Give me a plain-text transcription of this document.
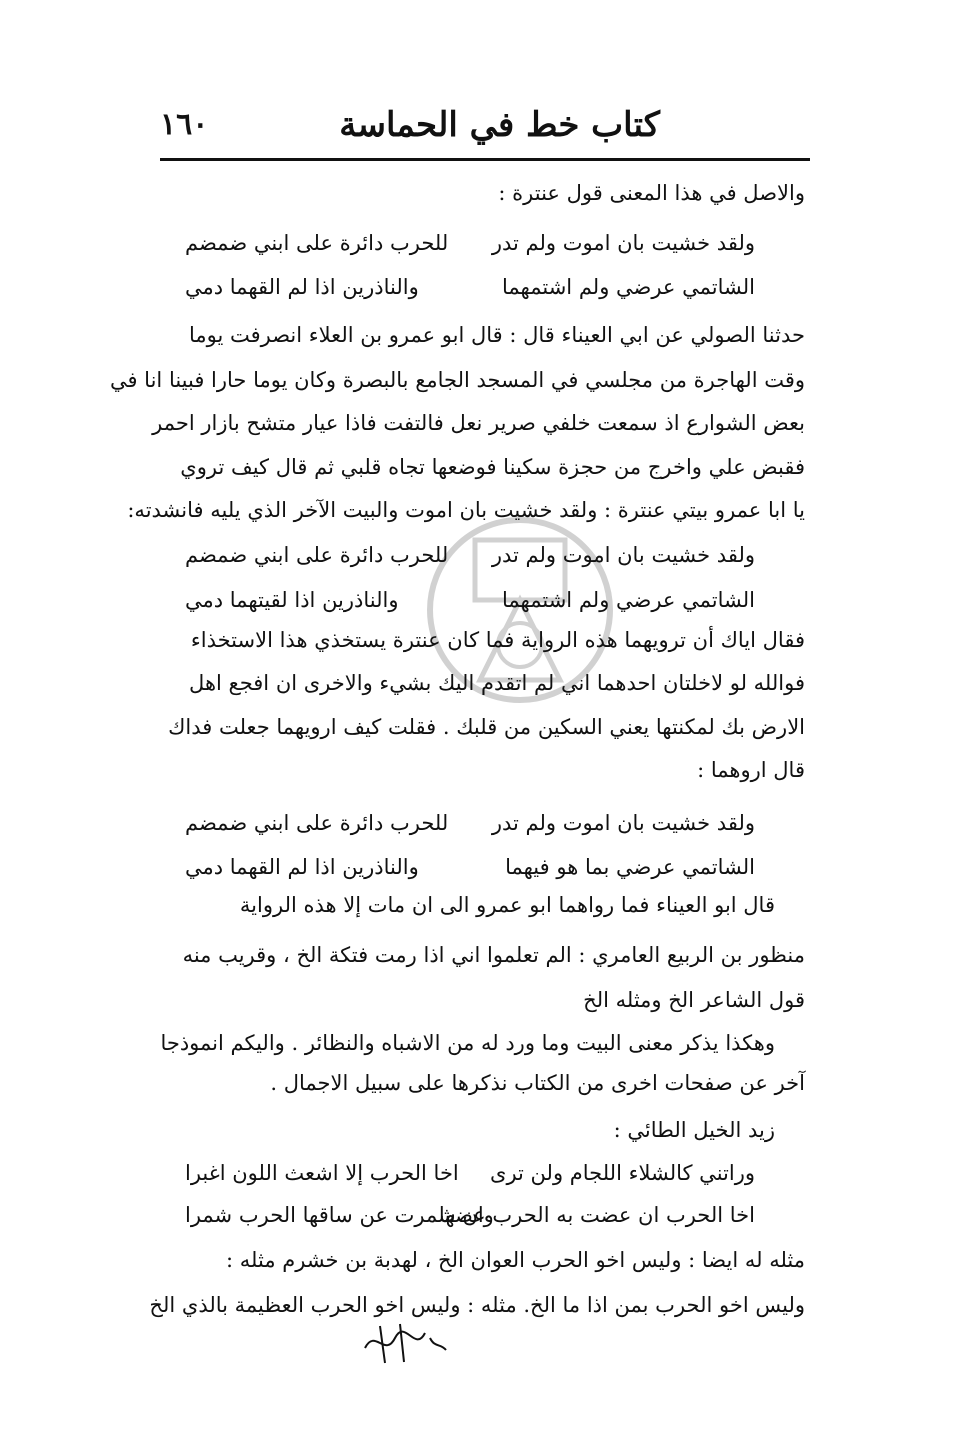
كتاب خط في الحماسة
١٦٠
والاصل في هذا المعنى قول عنترة :
ولقد خشيت بان اموت ولم تدر
للحرب دائرة على ابني ضمضم
الشاتمي عرضي ولم اشتمهما
والناذرين اذا لم القهما دمي
حدثنا الصولي عن ابي العيناء قال : قال ابو عمرو بن العلاء انصرفت يوما
وقت الهاجرة من مجلسي في المسجد الجامع بالبصرة وكان يوما حارا فبينا انا في
بعض الشوارع اذ سمعت خلفي صرير نعل فالتفت فاذا عيار متشح بازار احمر
فقبض علي واخرج من حجزة سكينا فوضعها تجاه قلبي ثم قال كيف تروي
يا ابا عمرو بيتي عنترة : ولقد خشيت بان اموت والبيت الآخر الذي يليه فانشدته:
ولقد خشيت بان اموت ولم تدر
للحرب دائرة على ابني ضمضم
الشاتمي عرضي ولم اشتمهما
والناذرين اذا لقيتهما دمي
فقال اياك أن ترويهما هذه الرواية فما كان عنترة يستخذي هذا الاستخذاء
فوالله لو لاخلتان احدهما اني لم اتقدم اليك بشيء والاخرى ان افجع اهل
الارض بك لمكنتها يعني السكين من قلبك . فقلت كيف ارويهما جعلت فداك
قال اروهما :
ولقد خشيت بان اموت ولم تدر
للحرب دائرة على ابني ضمضم
الشاتمي عرضي بما هو فيهما
والناذرين اذا لم القهما دمي
قال ابو العيناء فما رواهما ابو عمرو الى ان مات إلا هذه الرواية
منظور بن الربيع العامري : الم تعلموا اني اذا رمت فتكة الخ ، وقريب منه
قول الشاعر الخ ومثله الخ
وهكذا يذكر معنى البيت وما ورد له من الاشباه والنظائر . واليكم انموذجا
آخر عن صفحات اخرى من الكتاب نذكرها على سبيل الاجمال .
زيد الخيل الطائي :
وراتني كالشلاء اللجام ولن ترى
اخا الحرب إلا اشعث اللون اغبرا
اخا الحرب ان عضت به الحرب عضها
وان شمرت عن ساقها الحرب شمرا
مثله له ايضا : وليس اخو الحرب العوان الخ ، لهدبة بن خشرم مثله :
وليس اخو الحرب بمن اذا ما الخ. مثله : وليس اخو الحرب العظيمة بالذي الخ
